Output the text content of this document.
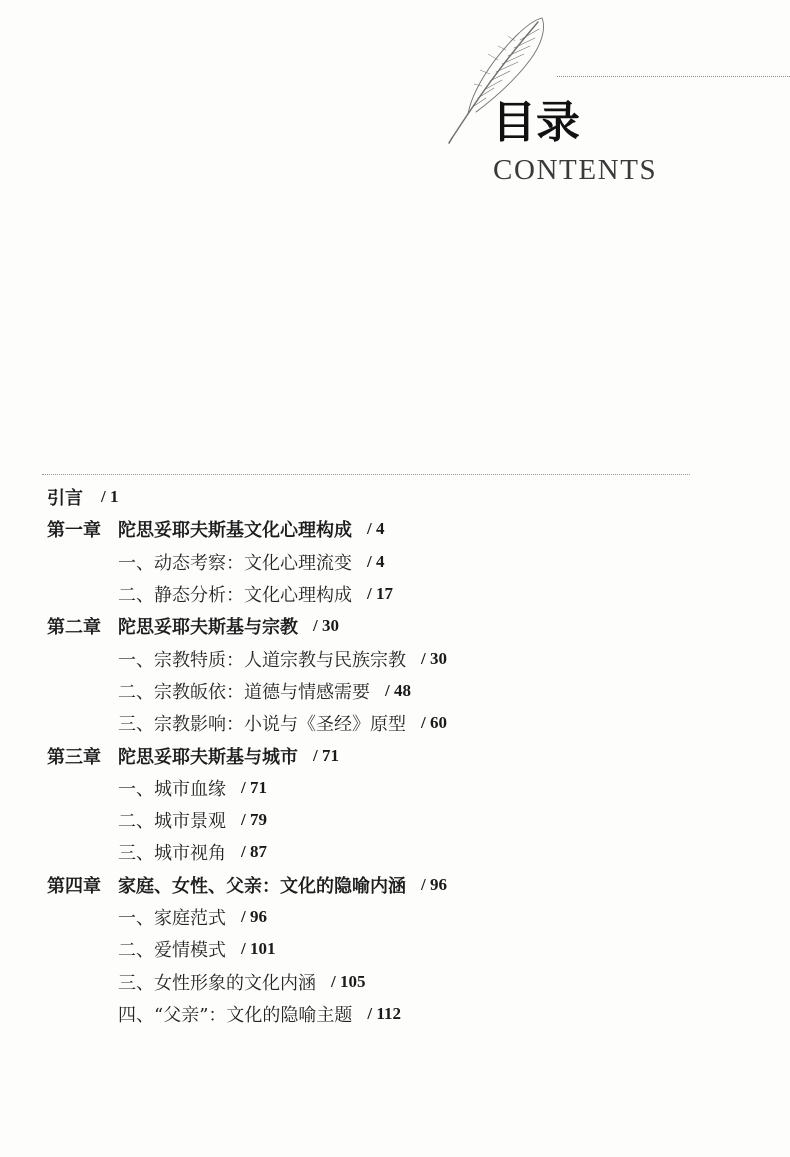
目录
CONTENTS
引言 / 1
第一章 陀思妥耶夫斯基文化心理构成 / 4
一、动态考察：文化心理流变 / 4
二、静态分析：文化心理构成 / 17
第二章 陀思妥耶夫斯基与宗教 / 30
一、宗教特质：人道宗教与民族宗教 / 30
二、宗教皈依：道德与情感需要 / 48
三、宗教影响：小说与《圣经》原型 / 60
第三章 陀思妥耶夫斯基与城市 / 71
一、城市血缘 / 71
二、城市景观 / 79
三、城市视角 / 87
第四章 家庭、女性、父亲：文化的隐喻内涵 / 96
一、家庭范式 / 96
二、爱情模式 / 101
三、女性形象的文化内涵 / 105
四、“父亲”：文化的隐喻主题 / 112
